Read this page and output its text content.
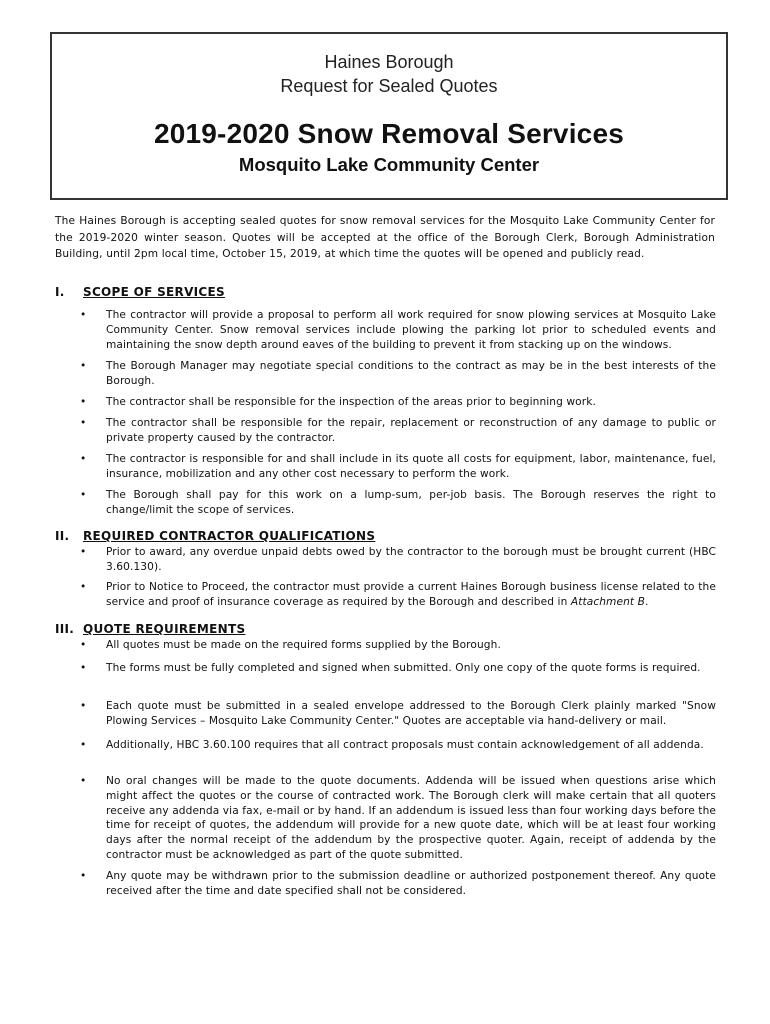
Haines Borough
Request for Sealed Quotes
2019-2020 Snow Removal Services
Mosquito Lake Community Center
The Haines Borough is accepting sealed quotes for snow removal services for the Mosquito Lake Community Center for the 2019-2020 winter season. Quotes will be accepted at the office of the Borough Clerk, Borough Administration Building, until 2pm local time, October 15, 2019, at which time the quotes will be opened and publicly read.
I. SCOPE OF SERVICES
• The contractor will provide a proposal to perform all work required for snow plowing services at Mosquito Lake Community Center. Snow removal services include plowing the parking lot prior to scheduled events and maintaining the snow depth around eaves of the building to prevent it from stacking up on the windows.
• The Borough Manager may negotiate special conditions to the contract as may be in the best interests of the Borough.
• The contractor shall be responsible for the inspection of the areas prior to beginning work.
• The contractor shall be responsible for the repair, replacement or reconstruction of any damage to public or private property caused by the contractor.
• The contractor is responsible for and shall include in its quote all costs for equipment, labor, maintenance, fuel, insurance, mobilization and any other cost necessary to perform the work.
• The Borough shall pay for this work on a lump-sum, per-job basis. The Borough reserves the right to change/limit the scope of services.
II. REQUIRED CONTRACTOR QUALIFICATIONS
• Prior to award, any overdue unpaid debts owed by the contractor to the borough must be brought current (HBC 3.60.130).
• Prior to Notice to Proceed, the contractor must provide a current Haines Borough business license related to the service and proof of insurance coverage as required by the Borough and described in Attachment B.
III. QUOTE REQUIREMENTS
• All quotes must be made on the required forms supplied by the Borough.
• The forms must be fully completed and signed when submitted. Only one copy of the quote forms is required.
• Each quote must be submitted in a sealed envelope addressed to the Borough Clerk plainly marked "Snow Plowing Services – Mosquito Lake Community Center." Quotes are acceptable via hand-delivery or mail.
• Additionally, HBC 3.60.100 requires that all contract proposals must contain acknowledgement of all addenda.
• No oral changes will be made to the quote documents. Addenda will be issued when questions arise which might affect the quotes or the course of contracted work. The Borough clerk will make certain that all quoters receive any addenda via fax, e-mail or by hand. If an addendum is issued less than four working days before the time for receipt of quotes, the addendum will provide for a new quote date, which will be at least four working days after the normal receipt of the addendum by the prospective quoter. Again, receipt of addenda by the contractor must be acknowledged as part of the quote submitted.
• Any quote may be withdrawn prior to the submission deadline or authorized postponement thereof. Any quote received after the time and date specified shall not be considered.
